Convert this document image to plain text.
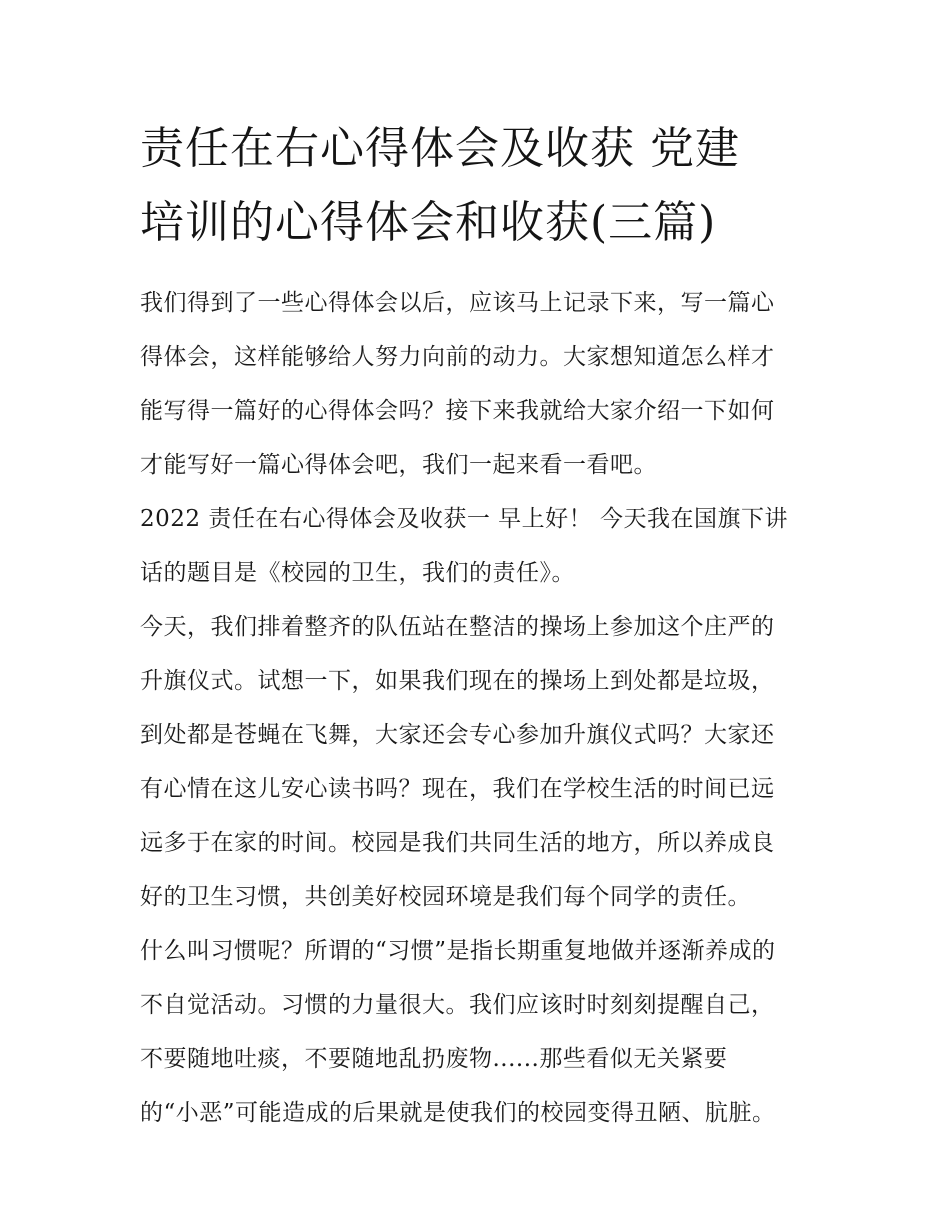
责任在右心得体会及收获 党建
培训的心得体会和收获(三篇)

我们得到了一些心得体会以后，应该马上记录下来，写一篇心
得体会，这样能够给人努力向前的动力。大家想知道怎么样才
能写得一篇好的心得体会吗？接下来我就给大家介绍一下如何
才能写好一篇心得体会吧，我们一起来看一看吧。

2022 责任在右心得体会及收获一 早上好！ 今天我在国旗下讲
话的题目是《校园的卫生，我们的责任》。

今天，我们排着整齐的队伍站在整洁的操场上参加这个庄严的
升旗仪式。试想一下，如果我们现在的操场上到处都是垃圾，
到处都是苍蝇在飞舞，大家还会专心参加升旗仪式吗？大家还
有心情在这儿安心读书吗？现在，我们在学校生活的时间已远
远多于在家的时间。校园是我们共同生活的地方，所以养成良
好的卫生习惯，共创美好校园环境是我们每个同学的责任。

什么叫习惯呢？所谓的“习惯”是指长期重复地做并逐渐养成的
不自觉活动。习惯的力量很大。我们应该时时刻刻提醒自己，
不要随地吐痰，不要随地乱扔废物......那些看似无关紧要
的“小恶”可能造成的后果就是使我们的校园变得丑陋、肮脏。
